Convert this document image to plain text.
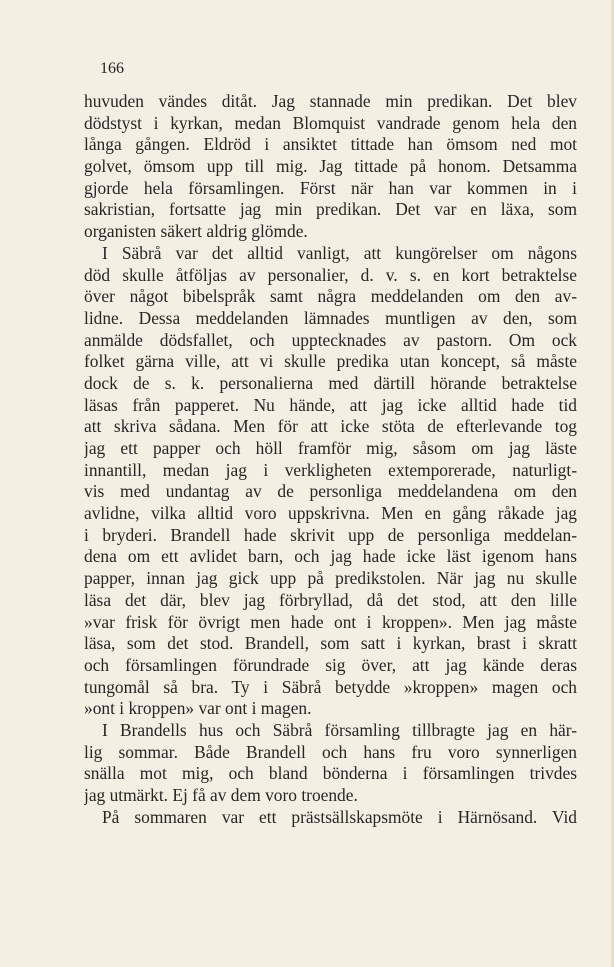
166
huvuden vändes ditåt. Jag stannade min predikan. Det blev
dödstyst i kyrkan, medan Blomquist vandrade genom hela den
långa gången. Eldröd i ansiktet tittade han ömsom ned mot
golvet, ömsom upp till mig. Jag tittade på honom. Detsamma
gjorde hela församlingen. Först när han var kommen in i
sakristian, fortsatte jag min predikan. Det var en läxa, som
organisten säkert aldrig glömde.
I Säbrå var det alltid vanligt, att kungörelser om någons
död skulle åtföljas av personalier, d. v. s. en kort betraktelse
över något bibelspråk samt några meddelanden om den av-
lidne. Dessa meddelanden lämnades muntligen av den, som
anmälde dödsfallet, och upptecknades av pastorn. Om ock
folket gärna ville, att vi skulle predika utan koncept, så måste
dock de s. k. personalierna med därtill hörande betraktelse
läsas från papperet. Nu hände, att jag icke alltid hade tid
att skriva sådana. Men för att icke stöta de efterlevande tog
jag ett papper och höll framför mig, såsom om jag läste
innantill, medan jag i verkligheten extemporerade, naturligt-
vis med undantag av de personliga meddelandena om den
avlidne, vilka alltid voro uppskrivna. Men en gång råkade jag
i bryderi. Brandell hade skrivit upp de personliga meddelan-
dena om ett avlidet barn, och jag hade icke läst igenom hans
papper, innan jag gick upp på predikstolen. När jag nu skulle
läsa det där, blev jag förbryllad, då det stod, att den lille
»var frisk för övrigt men hade ont i kroppen». Men jag måste
läsa, som det stod. Brandell, som satt i kyrkan, brast i skratt
och församlingen förundrade sig över, att jag kände deras
tungomål så bra. Ty i Säbrå betydde »kroppen» magen och
»ont i kroppen» var ont i magen.
I Brandells hus och Säbrå församling tillbragte jag en här-
lig sommar. Både Brandell och hans fru voro synnerligen
snälla mot mig, och bland bönderna i församlingen trivdes
jag utmärkt. Ej få av dem voro troende.
På sommaren var ett prästsällskapsmöte i Härnösand. Vid
